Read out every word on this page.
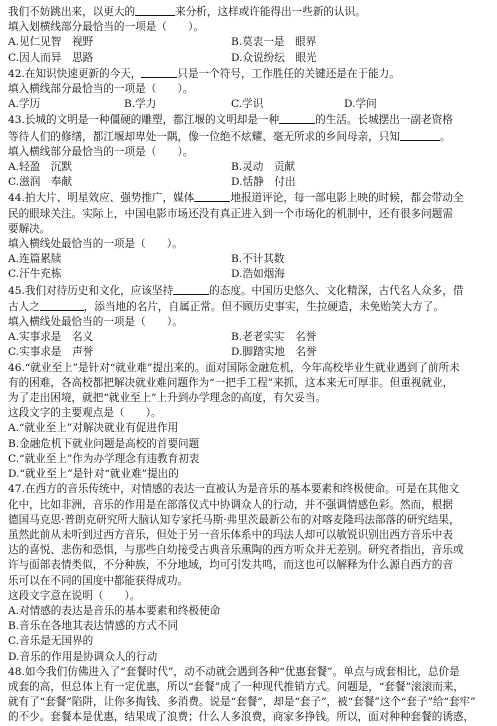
我们不妨跳出来，以更大的	来分析，这样或许能得出一些新的认识。
填入划横线部分最恰当的一项是（　　）。
A.见仁见智　视野	B.莫衷一是　眼界
C.因人而异　思路	D.众说纷纭　眼光
42.在知识快速更新的今天，	只是一个符号，工作胜任的关键还是在于能力。
填入横线部分最恰当的一项是（　　）。
A.学历	B.学力	C.学识	D.学问
43.长城的文明是一种僵硬的雕塑，都江堰的文明却是一种	的生活。长城摆出一副老资格
等待人们的修缮，都江堰却卑处一隅，像一位绝不炫耀、毫无所求的乡间母亲，只知	。
填入横线部分最恰当的一项是（　　）。
A.轻盈　沉默	B.灵动　贡献
C.滋润　奉献	D.恬静　付出
44.拍大片、明星效应、强势推广，媒体	地报道评论，每一部电影上映的时候，都会带动全
民的眼球关注。实际上，中国电影市场还没有真正进入到一个市场化的机制中，还有很多问题需
要解决。
填入横线处最恰当的一项是（　　）。
A.连篇累牍	B.不计其数
C.汗牛充栋	D.浩如烟海
45.我们对待历史和文化，应该坚持	的态度。中国历史悠久、文化精深，古代名人众多，借
古人之	，添当地的名片，自属正常。但不顾历史事实，生拉硬造，未免贻笑大方了。
填入横线处最恰当的一项是（　　）。
A.实事求是　名义	B.老老实实　名誉
C.实事求是　声誉	D.脚踏实地　名誉
46.“就业至上”是针对“就业难”提出来的。面对国际金融危机，今年高校毕业生就业遇到了前所未
有的困难，各高校都把解决就业难问题作为“一把手工程”来抓，这本来无可厚非。但重视就业，
为了走出困境，就把“就业至上”上升到办学理念的高度，有欠妥当。
这段文字的主要观点是（　　）。
A.“就业至上”对解决就业有促进作用
B.金融危机下就业问题是高校的首要问题
C.“就业至上”作为办学理念有违教育初衷
D.“就业至上”是针对“就业难”提出的
47.在西方的音乐传统中，对情感的表达一直被认为是音乐的基本要素和终极使命。可是在其他文
化中，比如非洲，音乐的作用是在部落仪式中协调众人的行动，并不强调情感色彩。然而，根据
德国马克思·普朗克研究所大脑认知专家托马斯·弗里茨最新公布的对喀麦隆玛法部落的研究结果，
虽然此前从未听到过西方音乐，但处于另一音乐体系中的玛法人却可以敏锐识别出西方音乐中表
达的喜悦、悲伤和恐惧，与那些自幼接受古典音乐熏陶的西方听众并无差别。研究者指出，音乐或
许与面部表情类似，不分种族，不分地域，均可引发共鸣，而这也可以解释为什么源自西方的音
乐可以在不同的国度中都能获得成功。
这段文字意在说明（　　）。
A.对情感的表达是音乐的基本要素和终极使命
B.音乐在各地其表达情感的方式不同
C.音乐是无国界的
D.音乐的作用是协调众人的行动
48.如今我们仿佛进入了“套餐时代”，动不动就会遇到各种“优惠套餐”。单点与成套相比，总价是
成套的高，但总体上有一定优惠，所以“套餐”成了一种现代推销方式。问题是，“套餐”滚滚而来，
就有了“套餐”陷阱，让你多掏钱、多消费。说是“套餐”，却是“套子”，被“套餐”这个“套子”给“套牢”
的不少。套餐本是优惠，结果成了浪费；什么人多浪费，商家多挣钱。所以，面对种种套餐的诱惑，
